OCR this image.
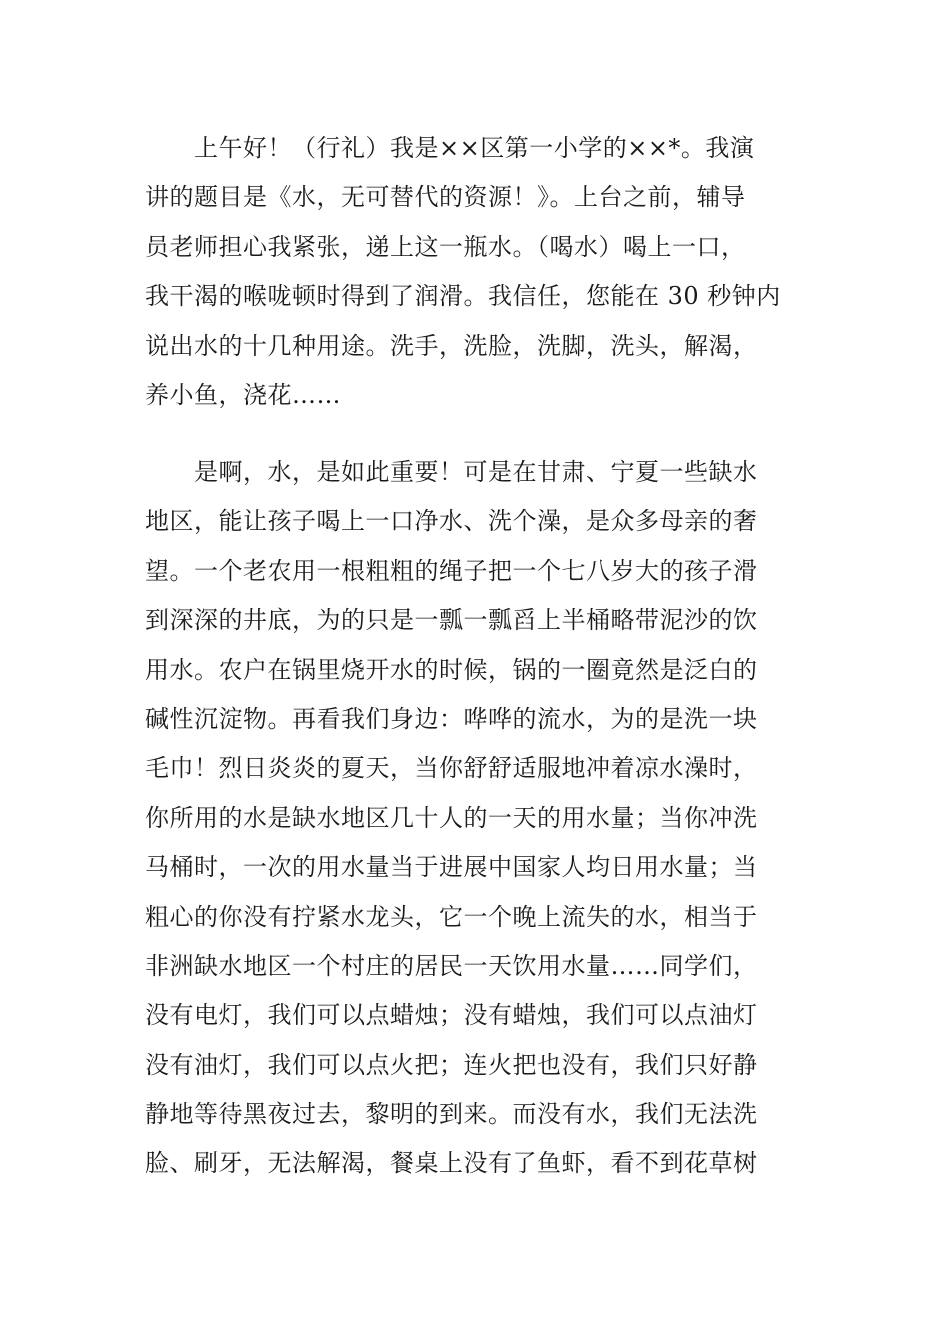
　　上午好！（行礼）我是××区第一小学的××*。我演
讲的题目是《水，无可替代的资源！》。上台之前，辅导
员老师担心我紧张，递上这一瓶水。（喝水）喝上一口，
我干渴的喉咙顿时得到了润滑。我信任，您能在 30 秒钟内
说出水的十几种用途。洗手，洗脸，洗脚，洗头，解渴，
养小鱼，浇花……
　　是啊，水，是如此重要！可是在甘肃、宁夏一些缺水
地区，能让孩子喝上一口净水、洗个澡，是众多母亲的奢
望。一个老农用一根粗粗的绳子把一个七八岁大的孩子滑
到深深的井底，为的只是一瓢一瓢舀上半桶略带泥沙的饮
用水。农户在锅里烧开水的时候，锅的一圈竟然是泛白的
碱性沉淀物。再看我们身边：哗哗的流水，为的是洗一块
毛巾！烈日炎炎的夏天，当你舒舒适服地冲着凉水澡时，
你所用的水是缺水地区几十人的一天的用水量；当你冲洗
马桶时，一次的用水量当于进展中国家人均日用水量；当
粗心的你没有拧紧水龙头，它一个晚上流失的水，相当于
非洲缺水地区一个村庄的居民一天饮用水量……同学们，
没有电灯，我们可以点蜡烛；没有蜡烛，我们可以点油灯
没有油灯，我们可以点火把；连火把也没有，我们只好静
静地等待黑夜过去，黎明的到来。而没有水，我们无法洗
脸、刷牙，无法解渴，餐桌上没有了鱼虾，看不到花草树
